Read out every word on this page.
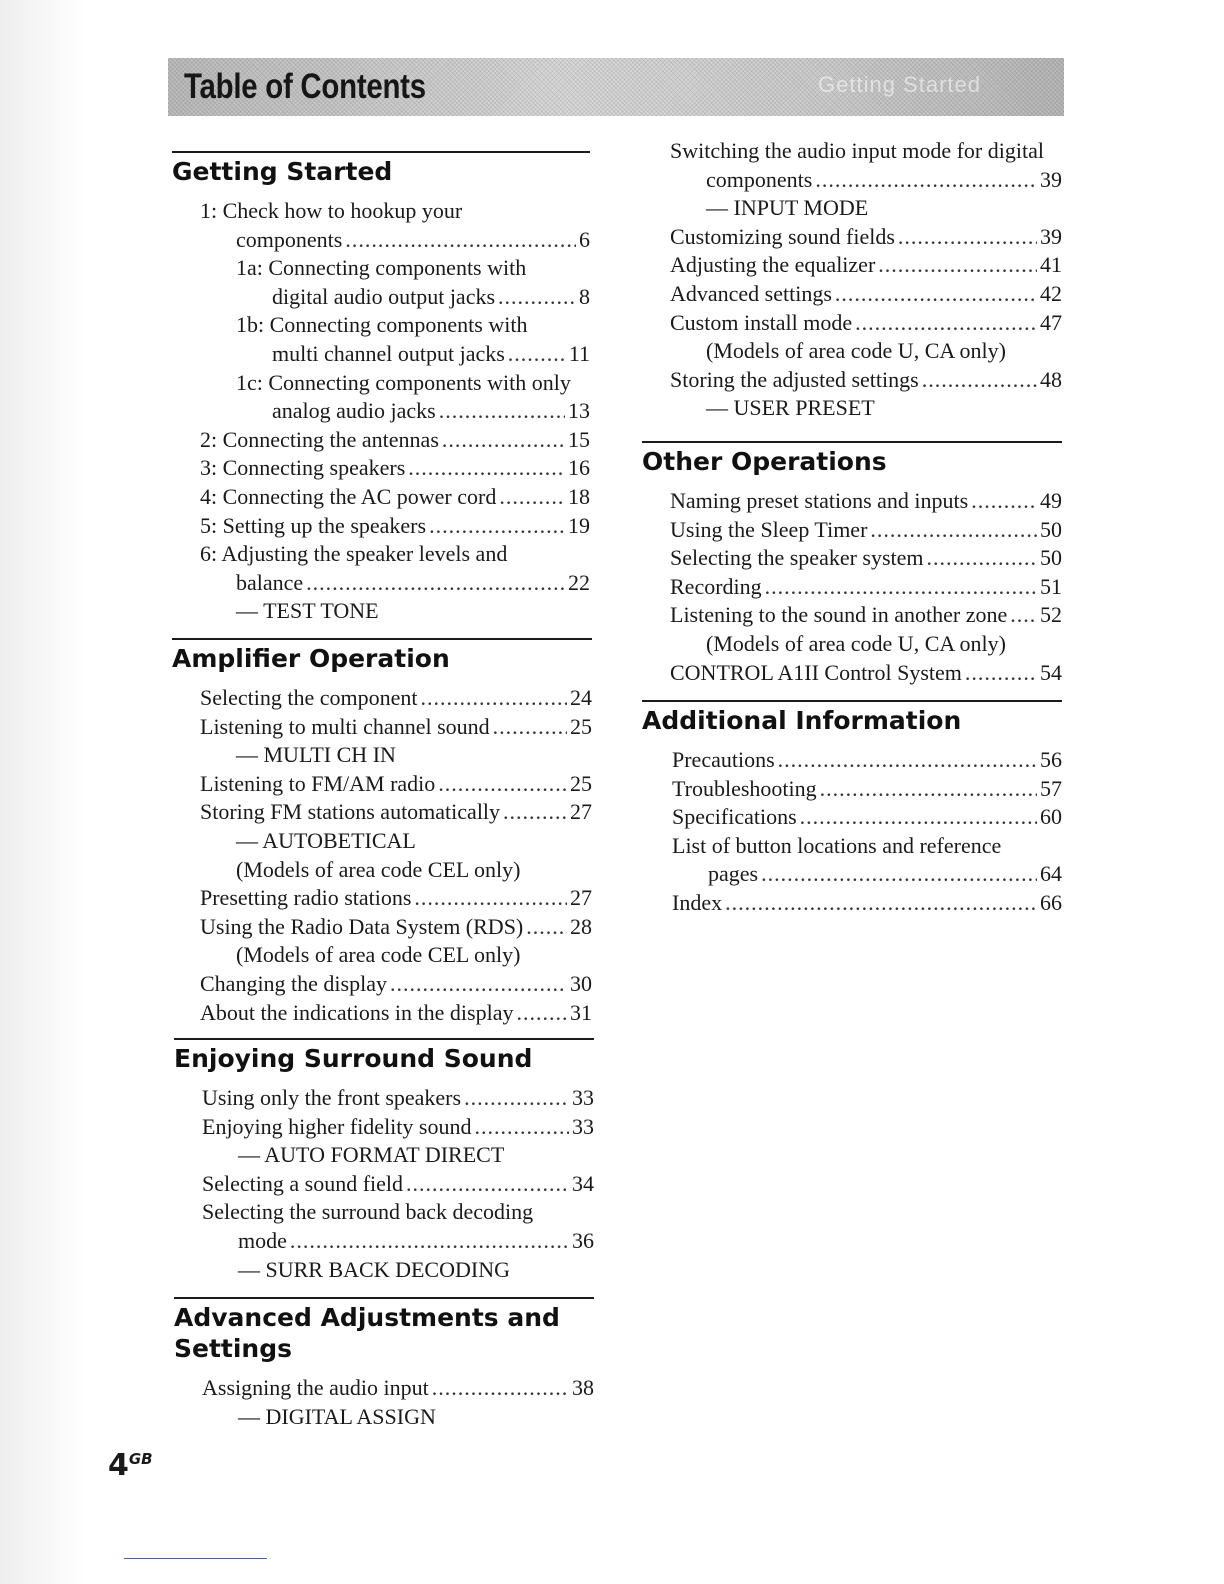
Table of Contents	Getting Started
Getting Started
1: Check how to hookup your
components .....	6
1a: Connecting components with
digital audio output jacks .....	8
1b: Connecting components with
multi channel output jacks .....	11
1c: Connecting components with only
analog audio jacks .....	13
2: Connecting the antennas .....	15
3: Connecting speakers .....	16
4: Connecting the AC power cord .....	18
5: Setting up the speakers .....	19
6: Adjusting the speaker levels and
balance .....	22
— TEST TONE
Amplifier Operation
Selecting the component .....	24
Listening to multi channel sound .....	25
— MULTI CH IN
Listening to FM/AM radio .....	25
Storing FM stations automatically .....	27
— AUTOBETICAL
(Models of area code CEL only)
Presetting radio stations .....	27
Using the Radio Data System (RDS) ..... 28
(Models of area code CEL only)
Changing the display .....	30
About the indications in the display .....	31
Enjoying Surround Sound
Using only the front speakers .....	33
Enjoying higher fidelity sound .....	33
— AUTO FORMAT DIRECT
Selecting a sound field .....	34
Selecting the surround back decoding
mode .....	36
— SURR BACK DECODING
Advanced Adjustments and Settings
Assigning the audio input .....	38
— DIGITAL ASSIGN
Switching the audio input mode for digital
components .....	39
— INPUT MODE
Customizing sound fields .....	39
Adjusting the equalizer .....	41
Advanced settings .....	42
Custom install mode .....	47
(Models of area code U, CA only)
Storing the adjusted settings .....	48
— USER PRESET
Other Operations
Naming preset stations and inputs .....	49
Using the Sleep Timer .....	50
Selecting the speaker system .....	50
Recording .....	51
Listening to the sound in another zone ..... 52
(Models of area code U, CA only)
CONTROL A1II Control System .....	54
Additional Information
Precautions .....	56
Troubleshooting .....	57
Specifications .....	60
List of button locations and reference
pages .....	64
Index .....	66
$4^{GB}$
